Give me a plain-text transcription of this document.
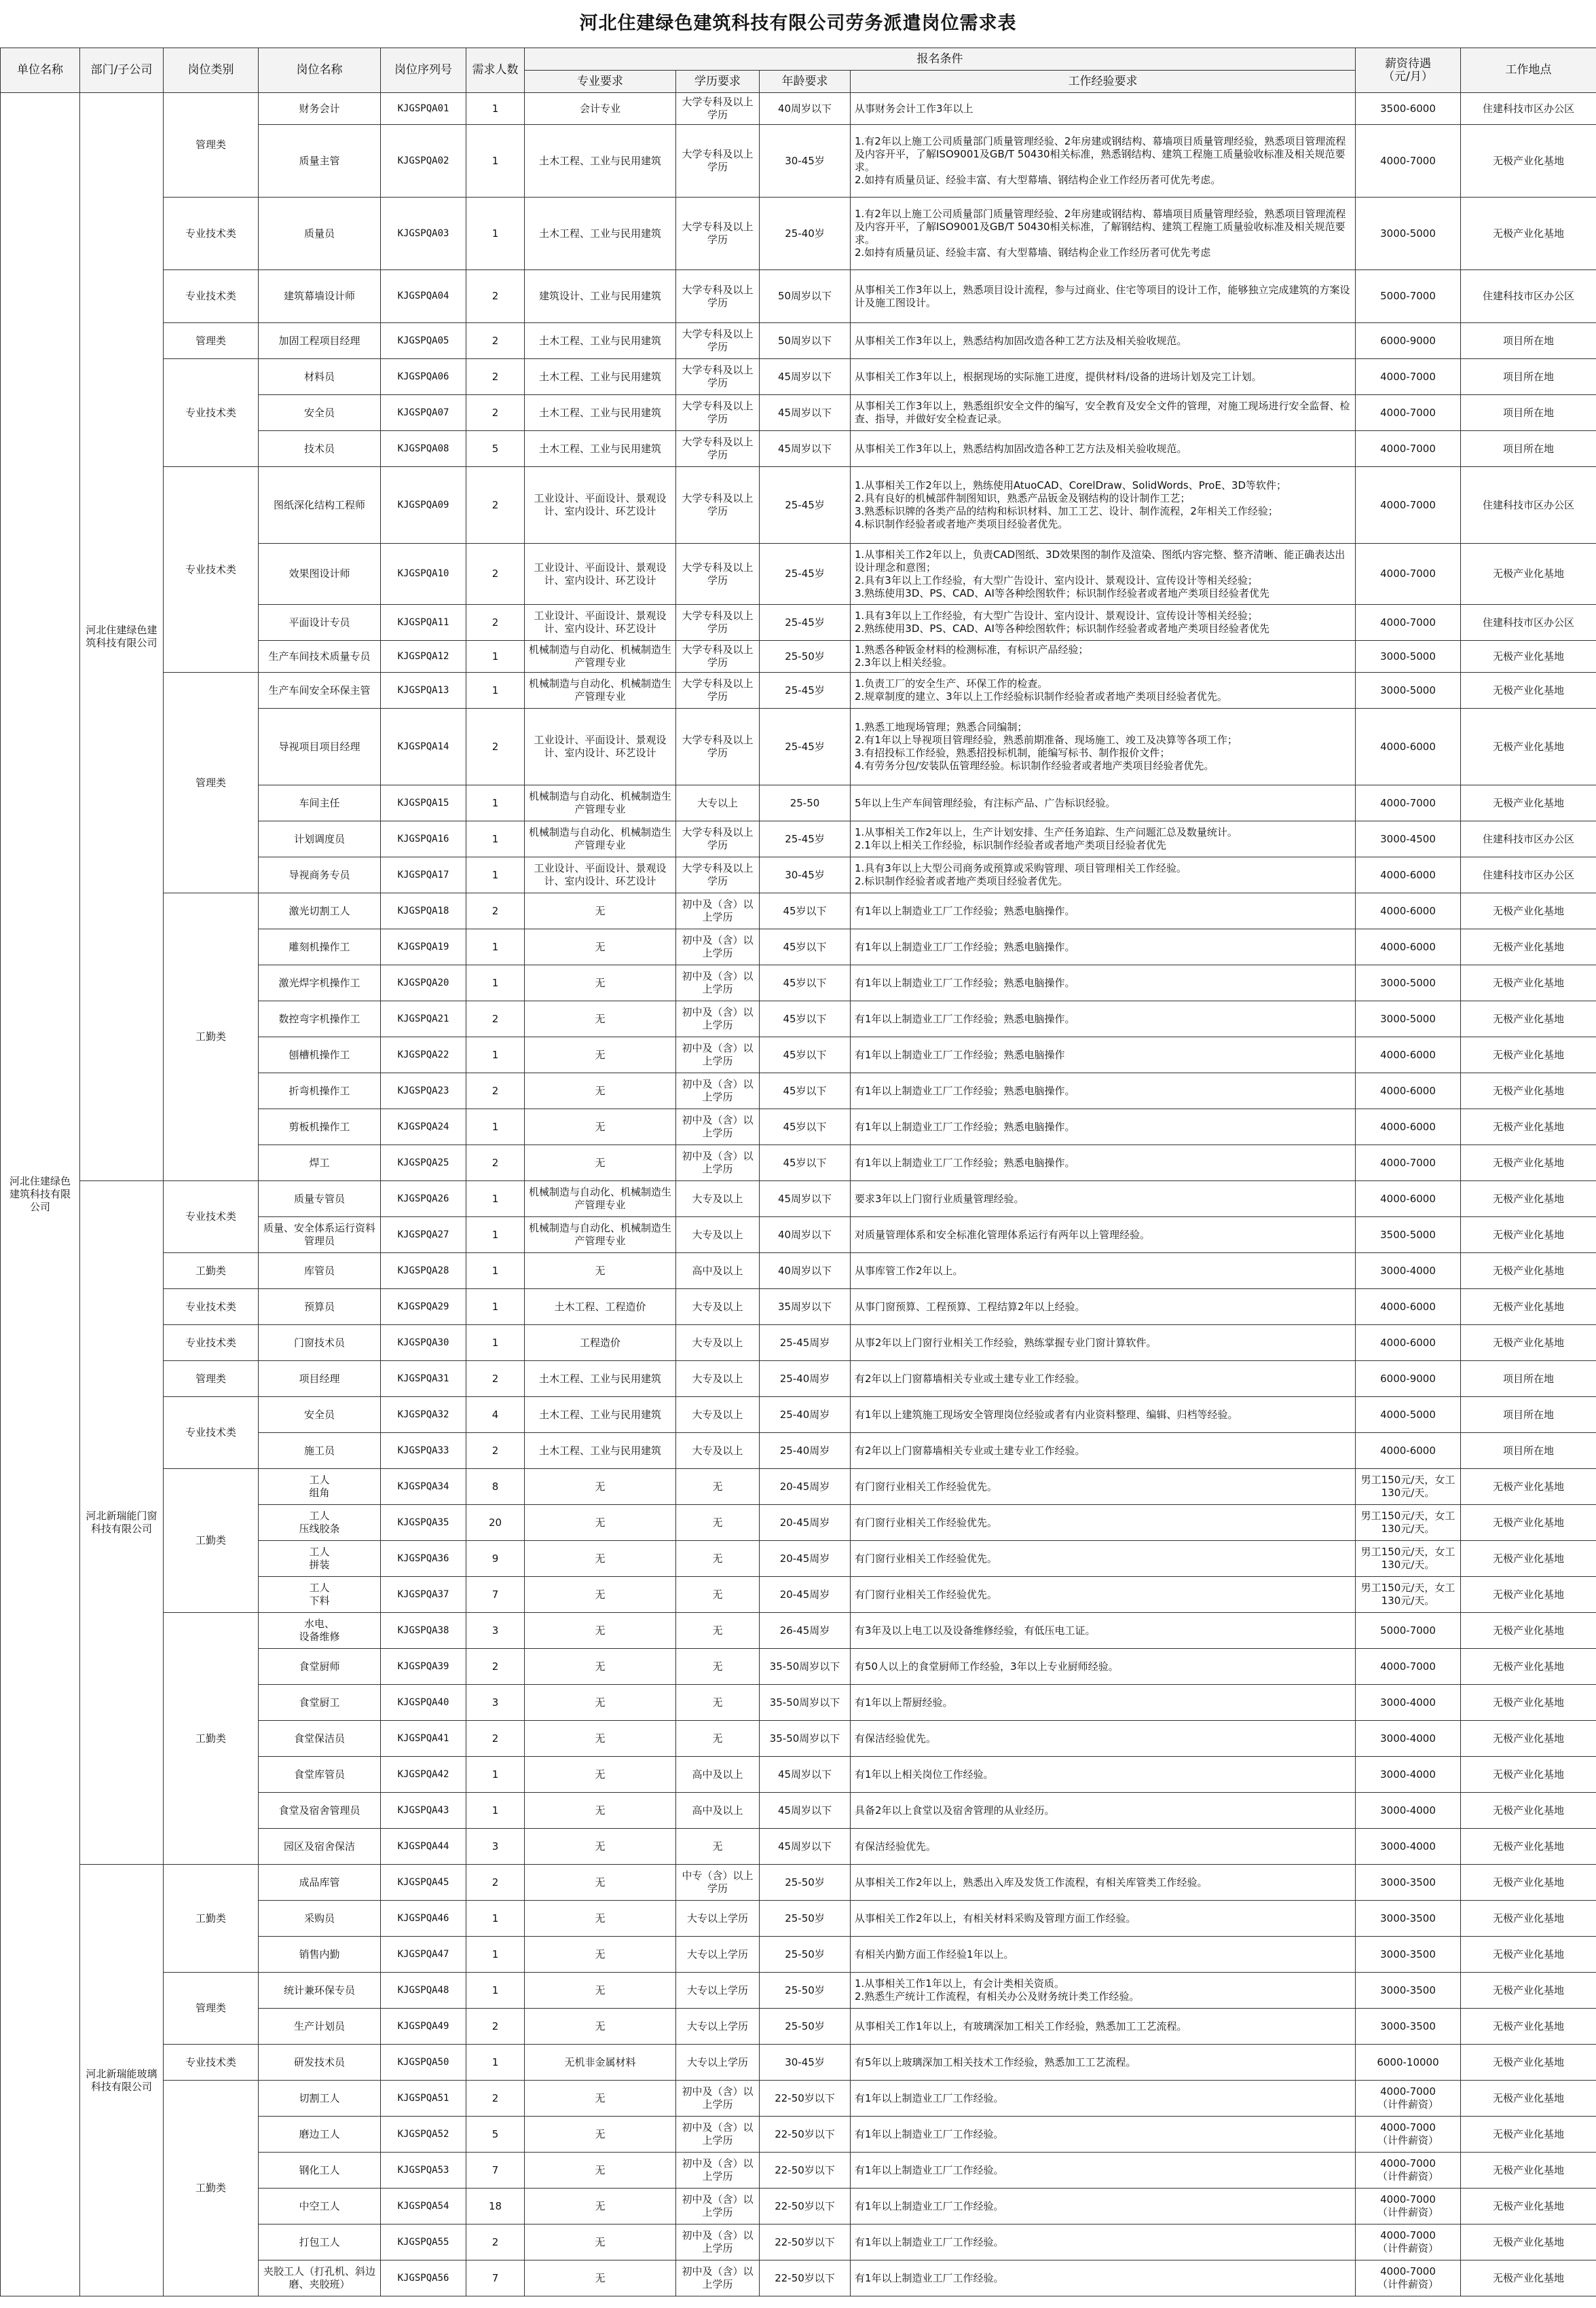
河北住建绿色建筑科技有限公司劳务派遣岗位需求表
单位名称	部门/子公司	岗位类别	岗位名称	岗位序列号	需求人数	报名条件				薪资待遇
（元/月）	工作地点
						专业要求	学历要求	年龄要求	工作经验要求		
河北住建绿色建筑科技有限公司	河北住建绿色建筑科技有限公司	管理类	财务会计	KJGSPQA01	1	会计专业	大学专科及以上学历	40周岁以下	从事财务会计工作3年以上	3500-6000	住建科技市区办公区
			质量主管	KJGSPQA02	1	土木工程、工业与民用建筑	大学专科及以上学历	30-45岁	1.有2年以上施工公司质量部门质量管理经验、2年房建或钢结构、幕墙项目质量管理经验，熟悉项目管理流程及内容开平，了解ISO9001及GB/T 50430相关标准，熟悉钢结构、建筑工程施工质量验收标准及相关规范要求。
2.如持有质量员证、经验丰富、有大型幕墙、钢结构企业工作经历者可优先考虑。	4000-7000	无极产业化基地
		专业技术类	质量员	KJGSPQA03	1	土木工程、工业与民用建筑	大学专科及以上学历	25-40岁	1.有2年以上施工公司质量部门质量管理经验、2年房建或钢结构、幕墙项目质量管理经验，熟悉项目管理流程及内容开平，了解ISO9001及GB/T 50430相关标准，了解钢结构、建筑工程施工质量验收标准及相关规范要求。
2.如持有质量员证、经验丰富、有大型幕墙、钢结构企业工作经历者可优先考虑	3000-5000	无极产业化基地
		专业技术类	建筑幕墙设计师	KJGSPQA04	2	建筑设计、工业与民用建筑	大学专科及以上学历	50周岁以下	从事相关工作3年以上，熟悉项目设计流程，参与过商业、住宅等项目的设计工作，能够独立完成建筑的方案设计及施工图设计。	5000-7000	住建科技市区办公区
		管理类	加固工程项目经理	KJGSPQA05	2	土木工程、工业与民用建筑	大学专科及以上学历	50周岁以下	从事相关工作3年以上，熟悉结构加固改造各种工艺方法及相关验收规范。	6000-9000	项目所在地
		专业技术类	材料员	KJGSPQA06	2	土木工程、工业与民用建筑	大学专科及以上学历	45周岁以下	从事相关工作3年以上，根据现场的实际施工进度，提供材料/设备的进场计划及完工计划。	4000-7000	项目所在地
			安全员	KJGSPQA07	2	土木工程、工业与民用建筑	大学专科及以上学历	45周岁以下	从事相关工作3年以上，熟悉组织安全文件的编写，安全教育及安全文件的管理，对施工现场进行安全监督、检查、指导，并做好安全检查记录。	4000-7000	项目所在地
			技术员	KJGSPQA08	5	土木工程、工业与民用建筑	大学专科及以上学历	45周岁以下	从事相关工作3年以上，熟悉结构加固改造各种工艺方法及相关验收规范。	4000-7000	项目所在地
		专业技术类	图纸深化结构工程师	KJGSPQA09	2	工业设计、平面设计、景观设计、室内设计、环艺设计	大学专科及以上学历	25-45岁	1.从事相关工作2年以上，熟练使用AtuoCAD、CorelDraw、SolidWords、ProE、3D等软件；
2.具有良好的机械部件制图知识，熟悉产品钣金及钢结构的设计制作工艺；
3.熟悉标识牌的各类产品的结构和标识材料、加工工艺、设计、制作流程，2年相关工作经验；
4.标识制作经验者或者地产类项目经验者优先。	4000-7000	住建科技市区办公区
			效果图设计师	KJGSPQA10	2	工业设计、平面设计、景观设计、室内设计、环艺设计	大学专科及以上学历	25-45岁	1.从事相关工作2年以上，负责CAD图纸、3D效果图的制作及渲染、图纸内容完整、整齐清晰、能正确表达出设计理念和意图；
2.具有3年以上工作经验，有大型广告设计、室内设计、景观设计、宣传设计等相关经验；
3.熟练使用3D、PS、CAD、AI等各种绘图软件；标识制作经验者或者地产类项目经验者优先	4000-7000	无极产业化基地
			平面设计专员	KJGSPQA11	2	工业设计、平面设计、景观设计、室内设计、环艺设计	大学专科及以上学历	25-45岁	1.具有3年以上工作经验，有大型广告设计、室内设计、景观设计、宣传设计等相关经验；
2.熟练使用3D、PS、CAD、AI等各种绘图软件；标识制作经验者或者地产类项目经验者优先	4000-7000	住建科技市区办公区
			生产车间技术质量专员	KJGSPQA12	1	机械制造与自动化、机械制造生产管理专业	大学专科及以上学历	25-50岁	1.熟悉各种钣金材料的检测标准，有标识产品经验；
2.3年以上相关经验。	3000-5000	无极产业化基地
		管理类	生产车间安全环保主管	KJGSPQA13	1	机械制造与自动化、机械制造生产管理专业	大学专科及以上学历	25-45岁	1.负责工厂的安全生产、环保工作的检查。
2.规章制度的建立、3年以上工作经验标识制作经验者或者地产类项目经验者优先。	3000-5000	无极产业化基地
			导视项目项目经理	KJGSPQA14	2	工业设计、平面设计、景观设计、室内设计、环艺设计	大学专科及以上学历	25-45岁	1.熟悉工地现场管理；熟悉合同编制；
2.有1年以上导视项目管理经验，熟悉前期准备、现场施工、竣工及决算等各项工作；
3.有招投标工作经验，熟悉招投标机制，能编写标书、制作报价文件；
4.有劳务分包/安装队伍管理经验。标识制作经验者或者地产类项目经验者优先。	4000-6000	无极产业化基地
			车间主任	KJGSPQA15	1	机械制造与自动化、机械制造生产管理专业	大专以上	25-50	5年以上生产车间管理经验，有注标产品、广告标识经验。	4000-7000	无极产业化基地
			计划调度员	KJGSPQA16	1	机械制造与自动化、机械制造生产管理专业	大学专科及以上学历	25-45岁	1.从事相关工作2年以上，生产计划安排、生产任务追踪、生产问题汇总及数量统计。
2.1年以上相关工作经验，标识制作经验者或者地产类项目经验者优先	3000-4500	住建科技市区办公区
			导视商务专员	KJGSPQA17	1	工业设计、平面设计、景观设计、室内设计、环艺设计	大学专科及以上学历	30-45岁	1.具有3年以上大型公司商务或预算或采购管理、项目管理相关工作经验。
2.标识制作经验者或者地产类项目经验者优先。	4000-6000	住建科技市区办公区
		工勤类	激光切割工人	KJGSPQA18	2	无	初中及（含）以上学历	45岁以下	有1年以上制造业工厂工作经验；熟悉电脑操作。	4000-6000	无极产业化基地
			雕刻机操作工	KJGSPQA19	1	无	初中及（含）以上学历	45岁以下	有1年以上制造业工厂工作经验；熟悉电脑操作。	4000-6000	无极产业化基地
			激光焊字机操作工	KJGSPQA20	1	无	初中及（含）以上学历	45岁以下	有1年以上制造业工厂工作经验；熟悉电脑操作。	3000-5000	无极产业化基地
			数控弯字机操作工	KJGSPQA21	2	无	初中及（含）以上学历	45岁以下	有1年以上制造业工厂工作经验；熟悉电脑操作。	3000-5000	无极产业化基地
			刨槽机操作工	KJGSPQA22	1	无	初中及（含）以上学历	45岁以下	有1年以上制造业工厂工作经验；熟悉电脑操作	4000-6000	无极产业化基地
			折弯机操作工	KJGSPQA23	2	无	初中及（含）以上学历	45岁以下	有1年以上制造业工厂工作经验；熟悉电脑操作。	4000-6000	无极产业化基地
			剪板机操作工	KJGSPQA24	1	无	初中及（含）以上学历	45岁以下	有1年以上制造业工厂工作经验；熟悉电脑操作。	4000-6000	无极产业化基地
			焊工	KJGSPQA25	2	无	初中及（含）以上学历	45岁以下	有1年以上制造业工厂工作经验；熟悉电脑操作。	4000-7000	无极产业化基地
	河北新瑞能门窗科技有限公司	专业技术类	质量专管员	KJGSPQA26	1	机械制造与自动化、机械制造生产管理专业	大专及以上	45周岁以下	要求3年以上门窗行业质量管理经验。	4000-6000	无极产业化基地
			质量、安全体系运行资料管理员	KJGSPQA27	1	机械制造与自动化、机械制造生产管理专业	大专及以上	40周岁以下	对质量管理体系和安全标准化管理体系运行有两年以上管理经验。	3500-5000	无极产业化基地
		工勤类	库管员	KJGSPQA28	1	无	高中及以上	40周岁以下	从事库管工作2年以上。	3000-4000	无极产业化基地
		专业技术类	预算员	KJGSPQA29	1	土木工程、工程造价	大专及以上	35周岁以下	从事门窗预算、工程预算、工程结算2年以上经验。	4000-6000	无极产业化基地
		专业技术类	门窗技术员	KJGSPQA30	1	工程造价	大专及以上	25-45周岁	从事2年以上门窗行业相关工作经验，熟练掌握专业门窗计算软件。	4000-6000	无极产业化基地
		管理类	项目经理	KJGSPQA31	2	土木工程、工业与民用建筑	大专及以上	25-40周岁	有2年以上门窗幕墙相关专业或土建专业工作经验。	6000-9000	项目所在地
		专业技术类	安全员	KJGSPQA32	4	土木工程、工业与民用建筑	大专及以上	25-40周岁	有1年以上建筑施工现场安全管理岗位经验或者有内业资料整理、编辑、归档等经验。	4000-5000	项目所在地
			施工员	KJGSPQA33	2	土木工程、工业与民用建筑	大专及以上	25-40周岁	有2年以上门窗幕墙相关专业或土建专业工作经验。	4000-6000	项目所在地
		工勤类	工人
组角	KJGSPQA34	8	无	无	20-45周岁	有门窗行业相关工作经验优先。	男工150元/天，女工130元/天。	无极产业化基地
			工人
压线胶条	KJGSPQA35	20	无	无	20-45周岁	有门窗行业相关工作经验优先。	男工150元/天，女工130元/天。	无极产业化基地
			工人
拼装	KJGSPQA36	9	无	无	20-45周岁	有门窗行业相关工作经验优先。	男工150元/天，女工130元/天。	无极产业化基地
			工人
下料	KJGSPQA37	7	无	无	20-45周岁	有门窗行业相关工作经验优先。	男工150元/天，女工130元/天。	无极产业化基地
		工勤类	水电、
设备维修	KJGSPQA38	3	无	无	26-45周岁	有3年及以上电工以及设备维修经验，有低压电工证。	5000-7000	无极产业化基地
			食堂厨师	KJGSPQA39	2	无	无	35-50周岁以下	有50人以上的食堂厨师工作经验，3年以上专业厨师经验。	4000-7000	无极产业化基地
			食堂厨工	KJGSPQA40	3	无	无	35-50周岁以下	有1年以上帮厨经验。	3000-4000	无极产业化基地
			食堂保洁员	KJGSPQA41	2	无	无	35-50周岁以下	有保洁经验优先。	3000-4000	无极产业化基地
			食堂库管员	KJGSPQA42	1	无	高中及以上	45周岁以下	有1年以上相关岗位工作经验。	3000-4000	无极产业化基地
			食堂及宿舍管理员	KJGSPQA43	1	无	高中及以上	45周岁以下	具备2年以上食堂以及宿舍管理的从业经历。	3000-4000	无极产业化基地
			园区及宿舍保洁	KJGSPQA44	3	无	无	45周岁以下	有保洁经验优先。	3000-4000	无极产业化基地
	河北新瑞能玻璃科技有限公司	工勤类	成品库管	KJGSPQA45	2	无	中专（含）以上学历	25-50岁	从事相关工作2年以上，熟悉出入库及发货工作流程，有相关库管类工作经验。	3000-3500	无极产业化基地
			采购员	KJGSPQA46	1	无	大专以上学历	25-50岁	从事相关工作2年以上，有相关材料采购及管理方面工作经验。	3000-3500	无极产业化基地
			销售内勤	KJGSPQA47	1	无	大专以上学历	25-50岁	有相关内勤方面工作经验1年以上。	3000-3500	无极产业化基地
		管理类	统计兼环保专员	KJGSPQA48	1	无	大专以上学历	25-50岁	1.从事相关工作1年以上，有会计类相关资质。
2.熟悉生产统计工作流程，有相关办公及财务统计类工作经验。	3000-3500	无极产业化基地
			生产计划员	KJGSPQA49	2	无	大专以上学历	25-50岁	从事相关工作1年以上，有玻璃深加工相关工作经验，熟悉加工工艺流程。	3000-3500	无极产业化基地
		专业技术类	研发技术员	KJGSPQA50	1	无机非金属材料	大专以上学历	30-45岁	有5年以上玻璃深加工相关技术工作经验，熟悉加工工艺流程。	6000-10000	无极产业化基地
		工勤类	切割工人	KJGSPQA51	2	无	初中及（含）以上学历	22-50岁以下	有1年以上制造业工厂工作经验。	4000-7000
（计件薪资）	无极产业化基地
			磨边工人	KJGSPQA52	5	无	初中及（含）以上学历	22-50岁以下	有1年以上制造业工厂工作经验。	4000-7000
（计件薪资）	无极产业化基地
			钢化工人	KJGSPQA53	7	无	初中及（含）以上学历	22-50岁以下	有1年以上制造业工厂工作经验。	4000-7000
（计件薪资）	无极产业化基地
			中空工人	KJGSPQA54	18	无	初中及（含）以上学历	22-50岁以下	有1年以上制造业工厂工作经验。	4000-7000
（计件薪资）	无极产业化基地
			打包工人	KJGSPQA55	2	无	初中及（含）以上学历	22-50岁以下	有1年以上制造业工厂工作经验。	4000-7000
（计件薪资）	无极产业化基地
			夹胶工人（打孔机、斜边磨、夹胶班）	KJGSPQA56	7	无	初中及（含）以上学历	22-50岁以下	有1年以上制造业工厂工作经验。	4000-7000
（计件薪资）	无极产业化基地
